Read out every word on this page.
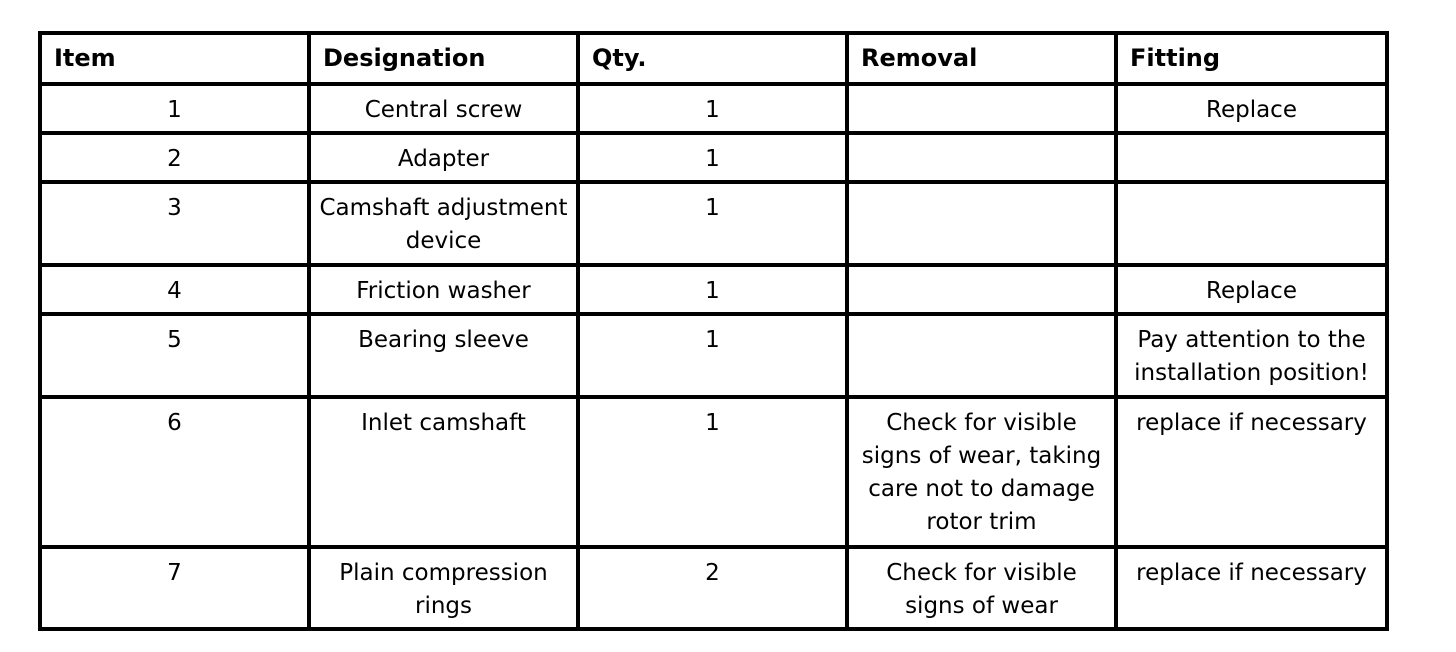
Item	Designation	Qty.	Removal	Fitting
1	Central screw	1		Replace
2	Adapter	1		
3	Camshaft adjustment device	1		
4	Friction washer	1		Replace
5	Bearing sleeve	1		Pay attention to the installation position!
6	Inlet camshaft	1	Check for visible signs of wear, taking care not to damage rotor trim	replace if necessary
7	Plain compression rings	2	Check for visible signs of wear	replace if necessary
